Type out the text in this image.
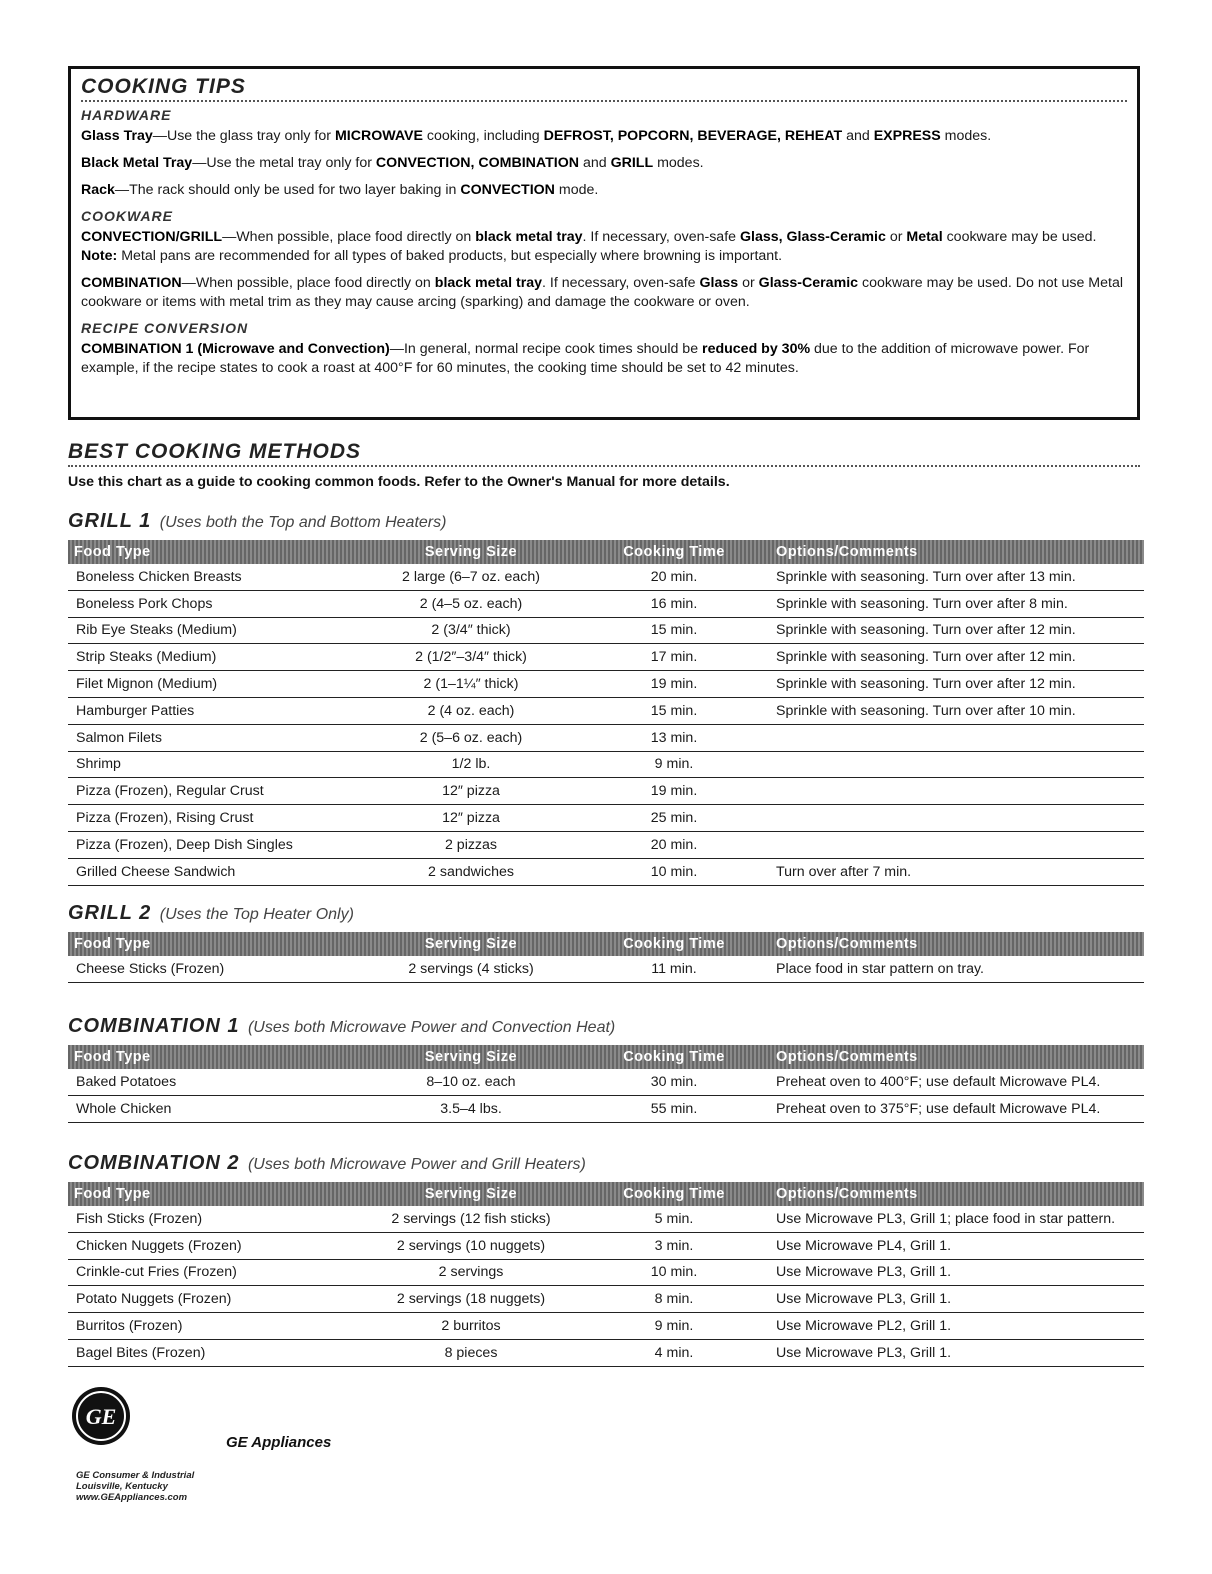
COOKING TIPS
HARDWARE

Glass Tray—Use the glass tray only for MICROWAVE cooking, including DEFROST, POPCORN, BEVERAGE, REHEAT and EXPRESS modes.

Black Metal Tray—Use the metal tray only for CONVECTION, COMBINATION and GRILL modes.

Rack—The rack should only be used for two layer baking in CONVECTION mode.

COOKWARE

CONVECTION/GRILL—When possible, place food directly on black metal tray. If necessary, oven-safe Glass, Glass-Ceramic or Metal cookware may be used. Note: Metal pans are recommended for all types of baked products, but especially where browning is important.

COMBINATION—When possible, place food directly on black metal tray. If necessary, oven-safe Glass or Glass-Ceramic cookware may be used. Do not use Metal cookware or items with metal trim as they may cause arcing (sparking) and damage the cookware or oven.

RECIPE CONVERSION

COMBINATION 1 (Microwave and Convection)—In general, normal recipe cook times should be reduced by 30% due to the addition of microwave power. For example, if the recipe states to cook a roast at 400°F for 60 minutes, the cooking time should be set to 42 minutes.

BEST COOKING METHODS
Use this chart as a guide to cooking common foods. Refer to the Owner's Manual for more details.
GRILL 1 (Uses both the Top and Bottom Heaters)
Food Type	Serving Size	Cooking Time	Options/Comments
Boneless Chicken Breasts	2 large (6–7 oz. each)	20 min.	Sprinkle with seasoning. Turn over after 13 min.
Boneless Pork Chops	2 (4–5 oz. each)	16 min.	Sprinkle with seasoning. Turn over after 8 min.
Rib Eye Steaks (Medium)	2 (3/4″ thick)	15 min.	Sprinkle with seasoning. Turn over after 12 min.
Strip Steaks (Medium)	2 (1/2″–3/4″ thick)	17 min.	Sprinkle with seasoning. Turn over after 12 min.
Filet Mignon (Medium)	2 (1–1¼″ thick)	19 min.	Sprinkle with seasoning. Turn over after 12 min.
Hamburger Patties	2 (4 oz. each)	15 min.	Sprinkle with seasoning. Turn over after 10 min.
Salmon Filets	2 (5–6 oz. each)	13 min.
Shrimp	1/2 lb.	9 min.
Pizza (Frozen), Regular Crust	12″ pizza	19 min.
Pizza (Frozen), Rising Crust	12″ pizza	25 min.
Pizza (Frozen), Deep Dish Singles	2 pizzas	20 min.
Grilled Cheese Sandwich	2 sandwiches	10 min.	Turn over after 7 min.
GRILL 2 (Uses the Top Heater Only)
Food Type	Serving Size	Cooking Time	Options/Comments
Cheese Sticks (Frozen)	2 servings (4 sticks)	11 min.	Place food in star pattern on tray.
COMBINATION 1 (Uses both Microwave Power and Convection Heat)
Food Type	Serving Size	Cooking Time	Options/Comments
Baked Potatoes	8–10 oz. each	30 min.	Preheat oven to 400°F; use default Microwave PL4.
Whole Chicken	3.5–4 lbs.	55 min.	Preheat oven to 375°F; use default Microwave PL4.
COMBINATION 2 (Uses both Microwave Power and Grill Heaters)
Food Type	Serving Size	Cooking Time	Options/Comments
Fish Sticks (Frozen)	2 servings (12 fish sticks)	5 min.	Use Microwave PL3, Grill 1; place food in star pattern.
Chicken Nuggets (Frozen)	2 servings (10 nuggets)	3 min.	Use Microwave PL4, Grill 1.
Crinkle-cut Fries (Frozen)	2 servings	10 min.	Use Microwave PL3, Grill 1.
Potato Nuggets (Frozen)	2 servings (18 nuggets)	8 min.	Use Microwave PL3, Grill 1.
Burritos (Frozen)	2 burritos	9 min.	Use Microwave PL2, Grill 1.
Bagel Bites (Frozen)	8 pieces	4 min.	Use Microwave PL3, Grill 1.
GE
GE Appliances
GE Consumer & Industrial
Louisville, Kentucky
www.GEAppliances.com
